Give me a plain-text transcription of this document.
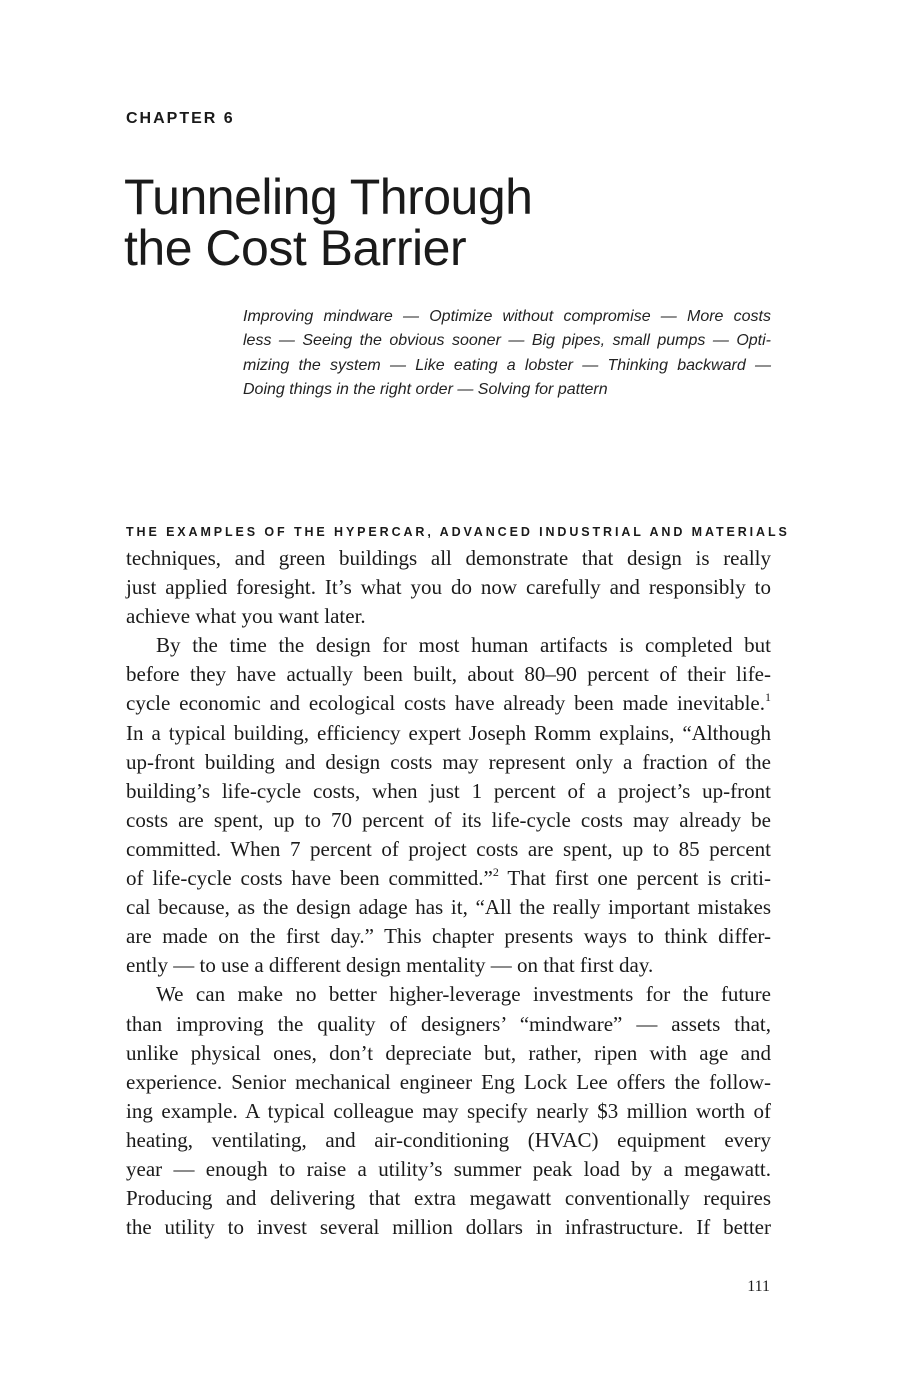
CHAPTER 6
Tunneling Through
the Cost Barrier
Improving mindware — Optimize without compromise — More costs
less — Seeing the obvious sooner — Big pipes, small pumps — Opti-
mizing the system — Like eating a lobster — Thinking backward —
Doing things in the right order — Solving for pattern
THE EXAMPLES OF THE HYPERCAR, ADVANCED INDUSTRIAL AND MATERIALS
techniques, and green buildings all demonstrate that design is really
just applied foresight. It’s what you do now carefully and responsibly to
achieve what you want later.
By the time the design for most human artifacts is completed but
before they have actually been built, about 80–90 percent of their life-
cycle economic and ecological costs have already been made inevitable.$^1$
In a typical building, efficiency expert Joseph Romm explains, “Although
up-front building and design costs may represent only a fraction of the
building’s life-cycle costs, when just 1 percent of a project’s up-front
costs are spent, up to 70 percent of its life-cycle costs may already be
committed. When 7 percent of project costs are spent, up to 85 percent
of life-cycle costs have been committed.”$^2$ That first one percent is criti-
cal because, as the design adage has it, “All the really important mistakes
are made on the first day.” This chapter presents ways to think differ-
ently — to use a different design mentality — on that first day.
We can make no better higher-leverage investments for the future
than improving the quality of designers’ “mindware” — assets that,
unlike physical ones, don’t depreciate but, rather, ripen with age and
experience. Senior mechanical engineer Eng Lock Lee offers the follow-
ing example. A typical colleague may specify nearly $3 million worth of
heating, ventilating, and air-conditioning (HVAC) equipment every
year — enough to raise a utility’s summer peak load by a megawatt.
Producing and delivering that extra megawatt conventionally requires
the utility to invest several million dollars in infrastructure. If better
111
